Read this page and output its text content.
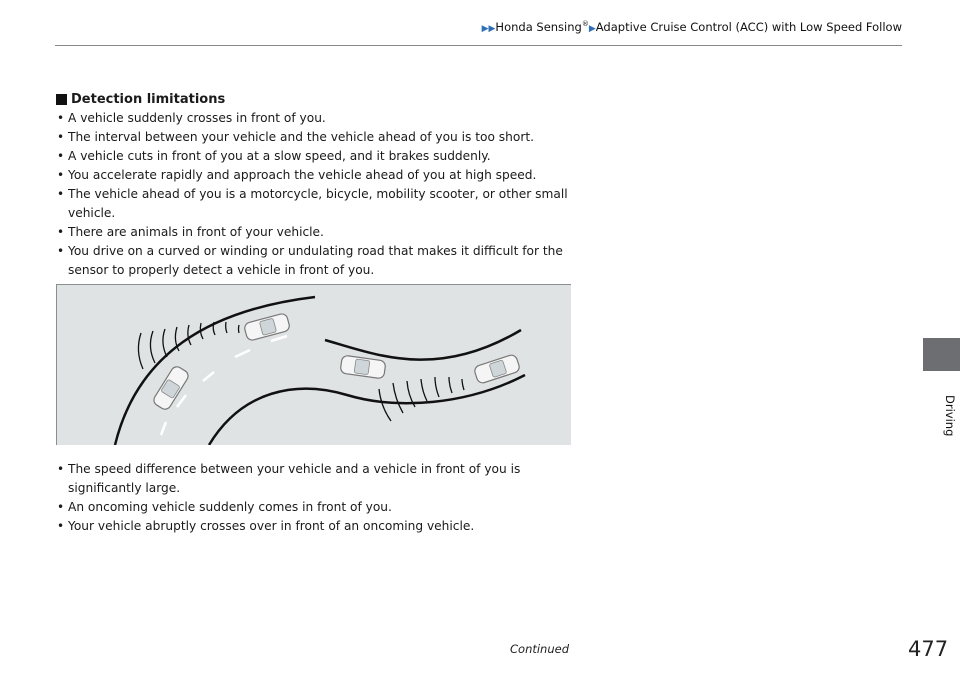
▶▶Honda Sensing®▶Adaptive Cruise Control (ACC) with Low Speed Follow
Detection limitations
• A vehicle suddenly crosses in front of you.
• The interval between your vehicle and the vehicle ahead of you is too short.
• A vehicle cuts in front of you at a slow speed, and it brakes suddenly.
• You accelerate rapidly and approach the vehicle ahead of you at high speed.
• The vehicle ahead of you is a motorcycle, bicycle, mobility scooter, or other small vehicle.
• There are animals in front of your vehicle.
• You drive on a curved or winding or undulating road that makes it difficult for the sensor to properly detect a vehicle in front of you.
• The speed difference between your vehicle and a vehicle in front of you is significantly large.
• An oncoming vehicle suddenly comes in front of you.
• Your vehicle abruptly crosses over in front of an oncoming vehicle.
Driving
Continued	477
